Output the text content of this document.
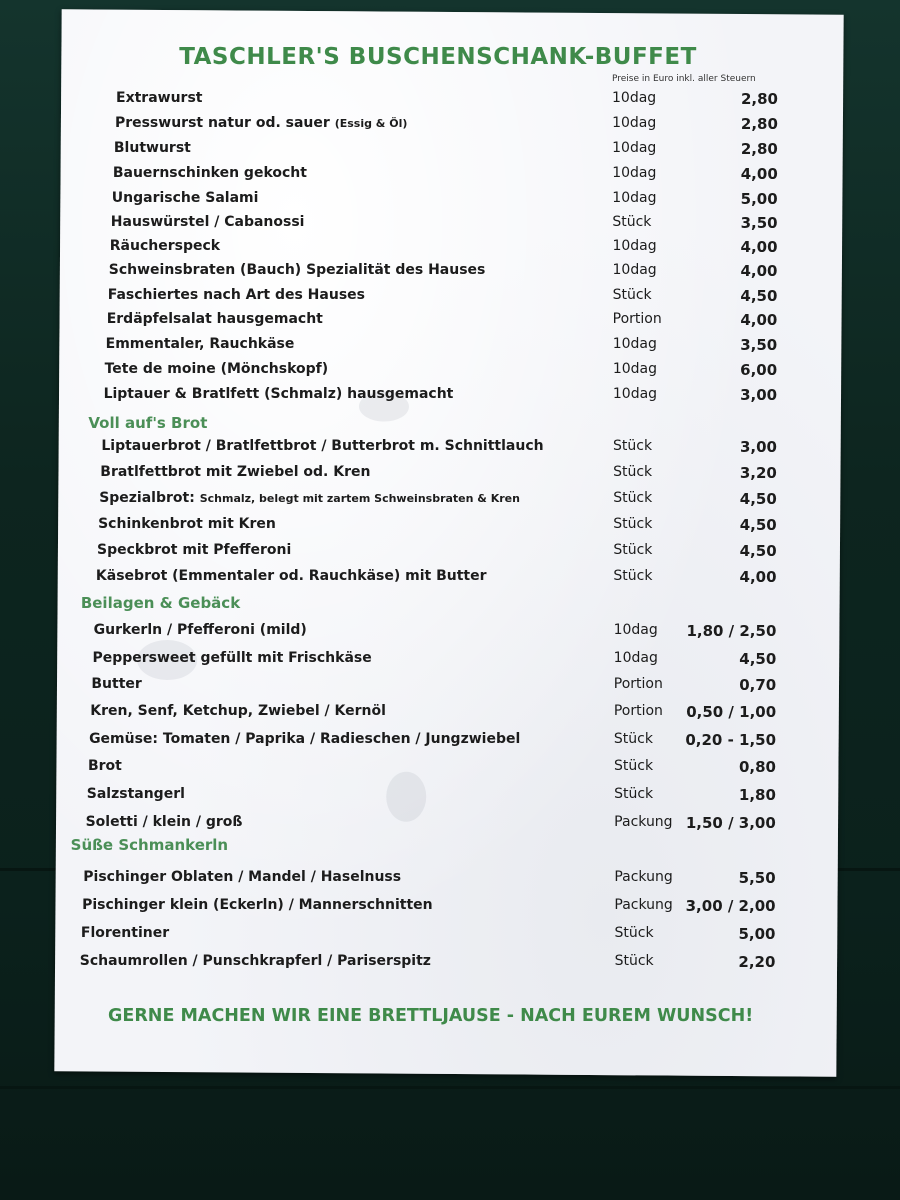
TASCHLER'S BUSCHENSCHANK-BUFFET
Preise in Euro inkl. aller Steuern
Extrawurst	10dag	2,80
Presswurst natur od. sauer (Essig & Öl)	10dag	2,80
Blutwurst	10dag	2,80
Bauernschinken gekocht	10dag	4,00
Ungarische Salami	10dag	5,00
Hauswürstel / Cabanossi	Stück	3,50
Räucherspeck	10dag	4,00
Schweinsbraten (Bauch) Spezialität des Hauses	10dag	4,00
Faschiertes nach Art des Hauses	Stück	4,50
Erdäpfelsalat hausgemacht	Portion	4,00
Emmentaler, Rauchkäse	10dag	3,50
Tete de moine (Mönchskopf)	10dag	6,00
Liptauer & Bratlfett (Schmalz) hausgemacht	10dag	3,00
Voll auf's Brot
Liptauerbrot / Bratlfettbrot / Butterbrot m. Schnittlauch	Stück	3,00
Bratlfettbrot mit Zwiebel od. Kren	Stück	3,20
Spezialbrot: Schmalz, belegt mit zartem Schweinsbraten & Kren	Stück	4,50
Schinkenbrot mit Kren	Stück	4,50
Speckbrot mit Pfefferoni	Stück	4,50
Käsebrot (Emmentaler od. Rauchkäse) mit Butter	Stück	4,00
Beilagen & Gebäck
Gurkerln / Pfefferoni (mild)	10dag	1,80 / 2,50
Peppersweet gefüllt mit Frischkäse	10dag	4,50
Butter	Portion	0,70
Kren, Senf, Ketchup, Zwiebel / Kernöl	Portion	0,50 / 1,00
Gemüse: Tomaten / Paprika / Radieschen / Jungzwiebel	Stück	0,20 - 1,50
Brot	Stück	0,80
Salzstangerl	Stück	1,80
Soletti / klein / groß	Packung 1,50 / 3,00
Süße Schmankerln
Pischinger Oblaten / Mandel / Haselnuss	Packung	5,50
Pischinger klein (Eckerln) / Mannerschnitten	Packung 3,00 / 2,00
Florentiner	Stück	5,00
Schaumrollen / Punschkrapferl / Pariserspitz	Stück	2,20
GERNE MACHEN WIR EINE BRETTLJAUSE - NACH EUREM WUNSCH!
